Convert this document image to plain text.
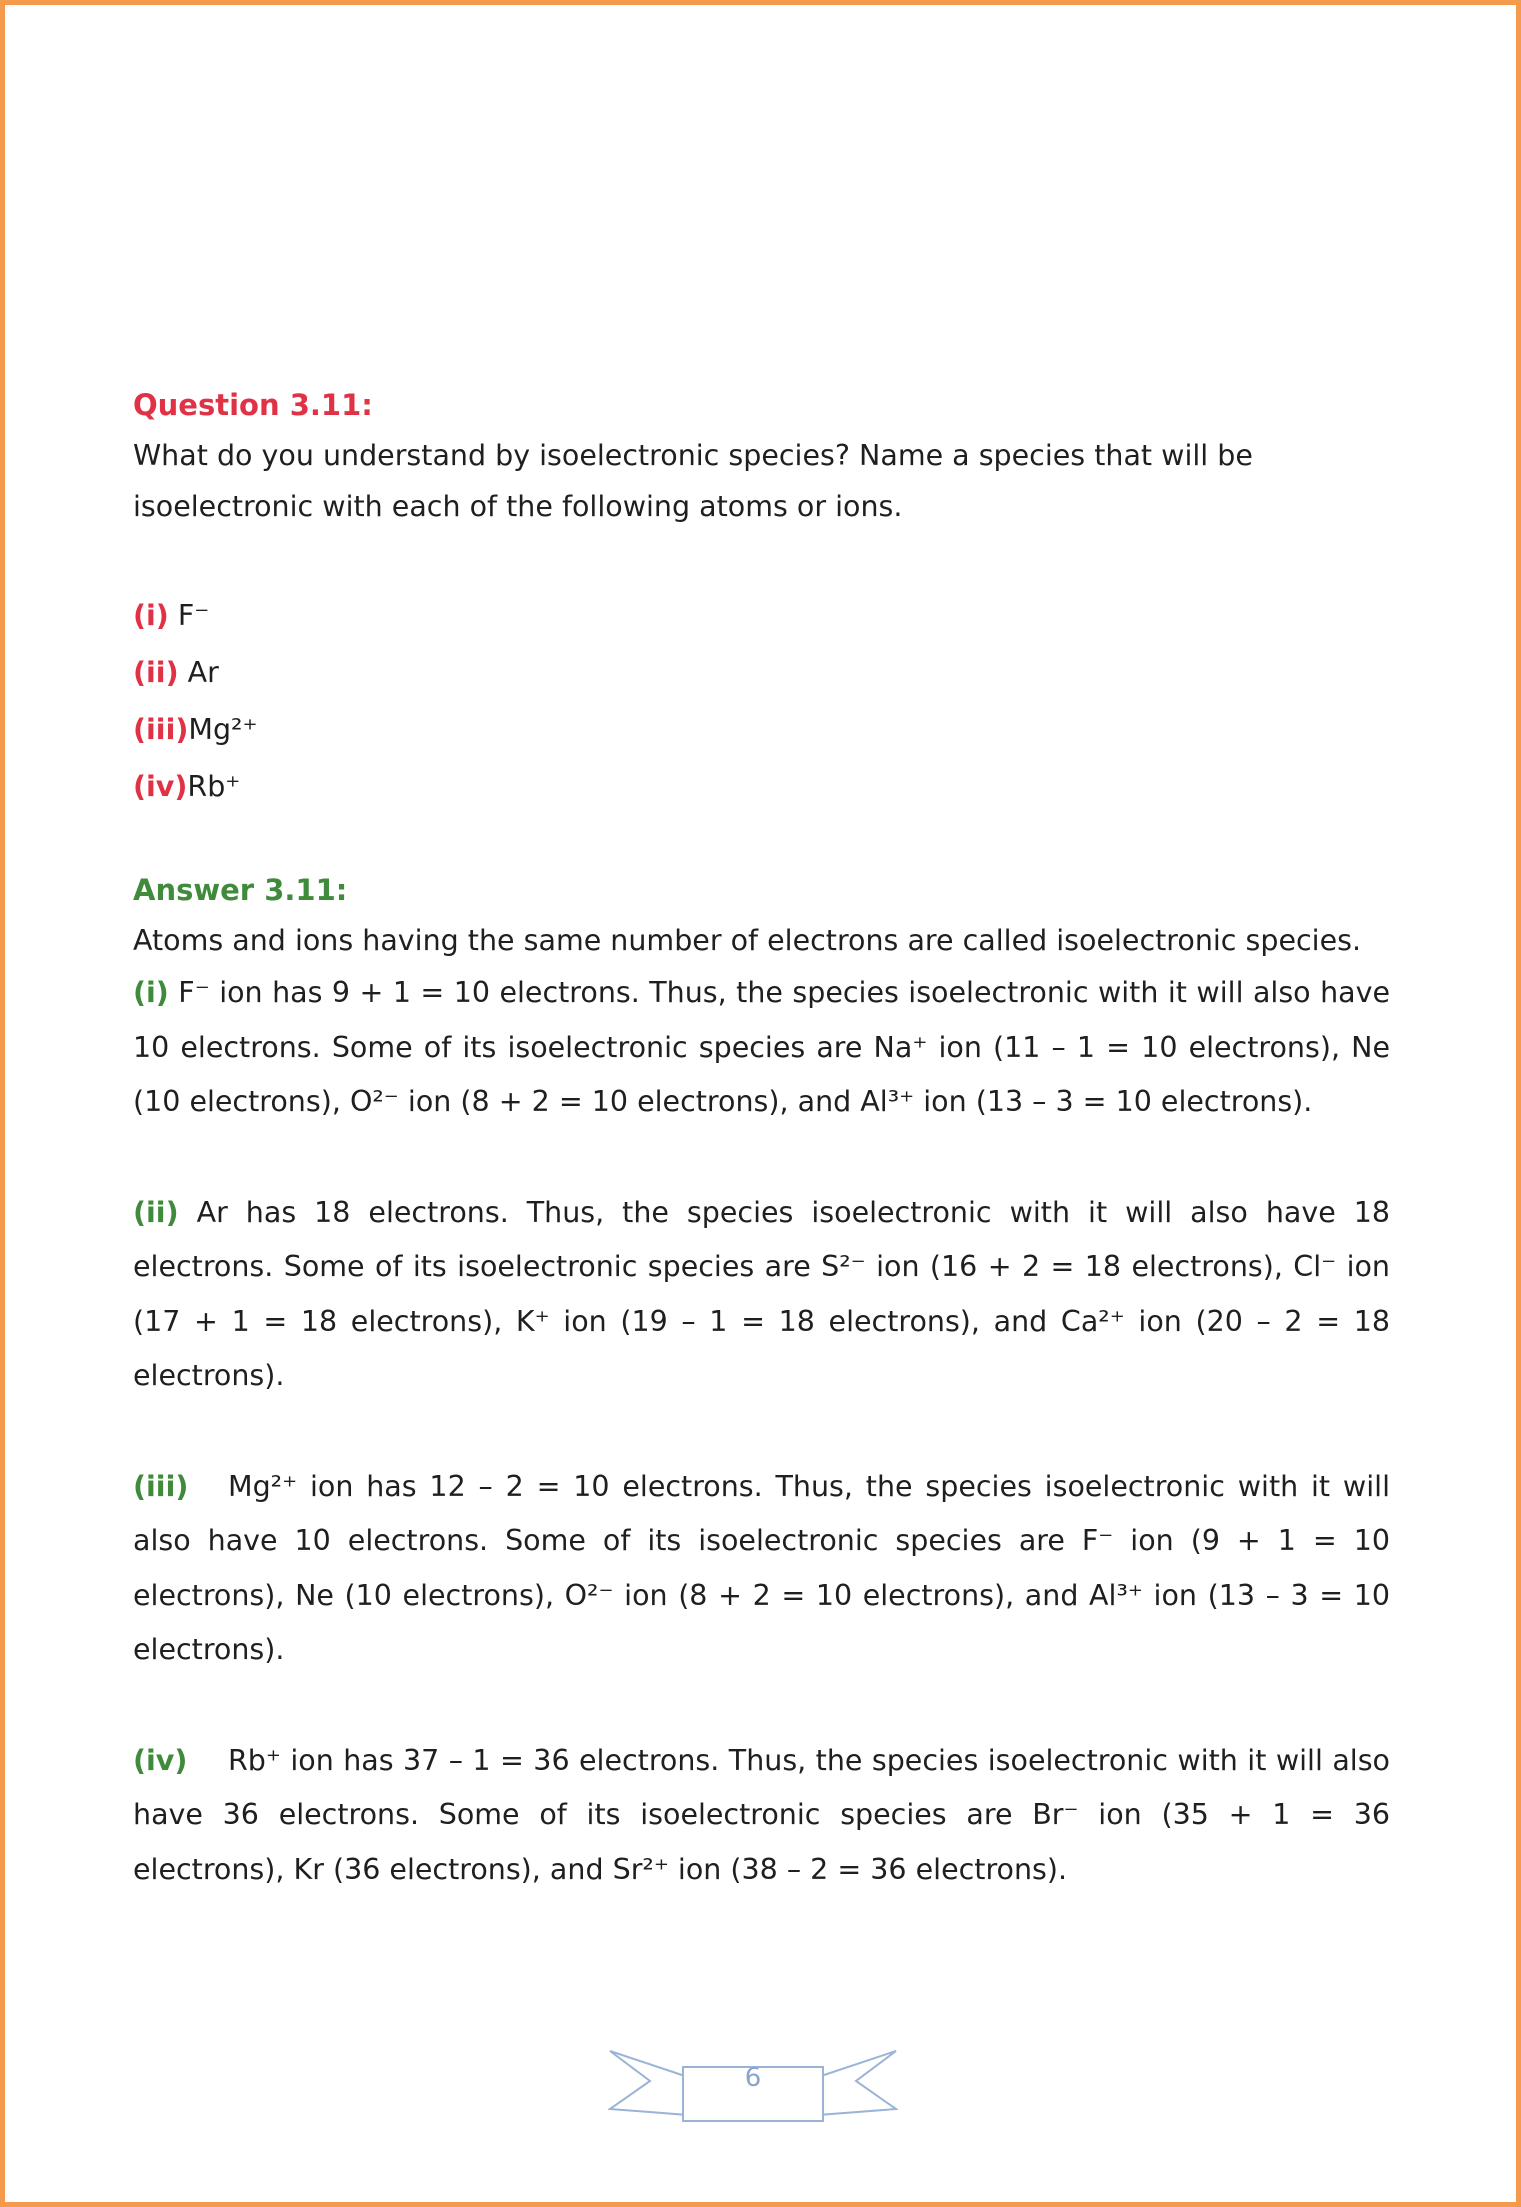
Question 3.11:
What do you understand by isoelectronic species? Name a species that will be isoelectronic with each of the following atoms or ions.
(i) F⁻
(ii) Ar
(iii)Mg²⁺
(iv)Rb⁺
Answer 3.11:
Atoms and ions having the same number of electrons are called isoelectronic species.
(i) F⁻ ion has 9 + 1 = 10 electrons. Thus, the species isoelectronic with it will also have 10 electrons. Some of its isoelectronic species are Na⁺ ion (11 – 1 = 10 electrons), Ne (10 electrons), O²⁻ ion (8 + 2 = 10 electrons), and Al³⁺ ion (13 – 3 = 10 electrons).
(ii) Ar has 18 electrons. Thus, the species isoelectronic with it will also have 18 electrons. Some of its isoelectronic species are S²⁻ ion (16 + 2 = 18 electrons), Cl⁻ ion (17 + 1 = 18 electrons), K⁺ ion (19 – 1 = 18 electrons), and Ca²⁺ ion (20 – 2 = 18 electrons).
(iii) Mg²⁺ ion has 12 – 2 = 10 electrons. Thus, the species isoelectronic with it will also have 10 electrons. Some of its isoelectronic species are F⁻ ion (9 + 1 = 10 electrons), Ne (10 electrons), O²⁻ ion (8 + 2 = 10 electrons), and Al³⁺ ion (13 – 3 = 10 electrons).
(iv) Rb⁺ ion has 37 – 1 = 36 electrons. Thus, the species isoelectronic with it will also have 36 electrons. Some of its isoelectronic species are Br⁻ ion (35 + 1 = 36 electrons), Kr (36 electrons), and Sr²⁺ ion (38 – 2 = 36 electrons).
6
